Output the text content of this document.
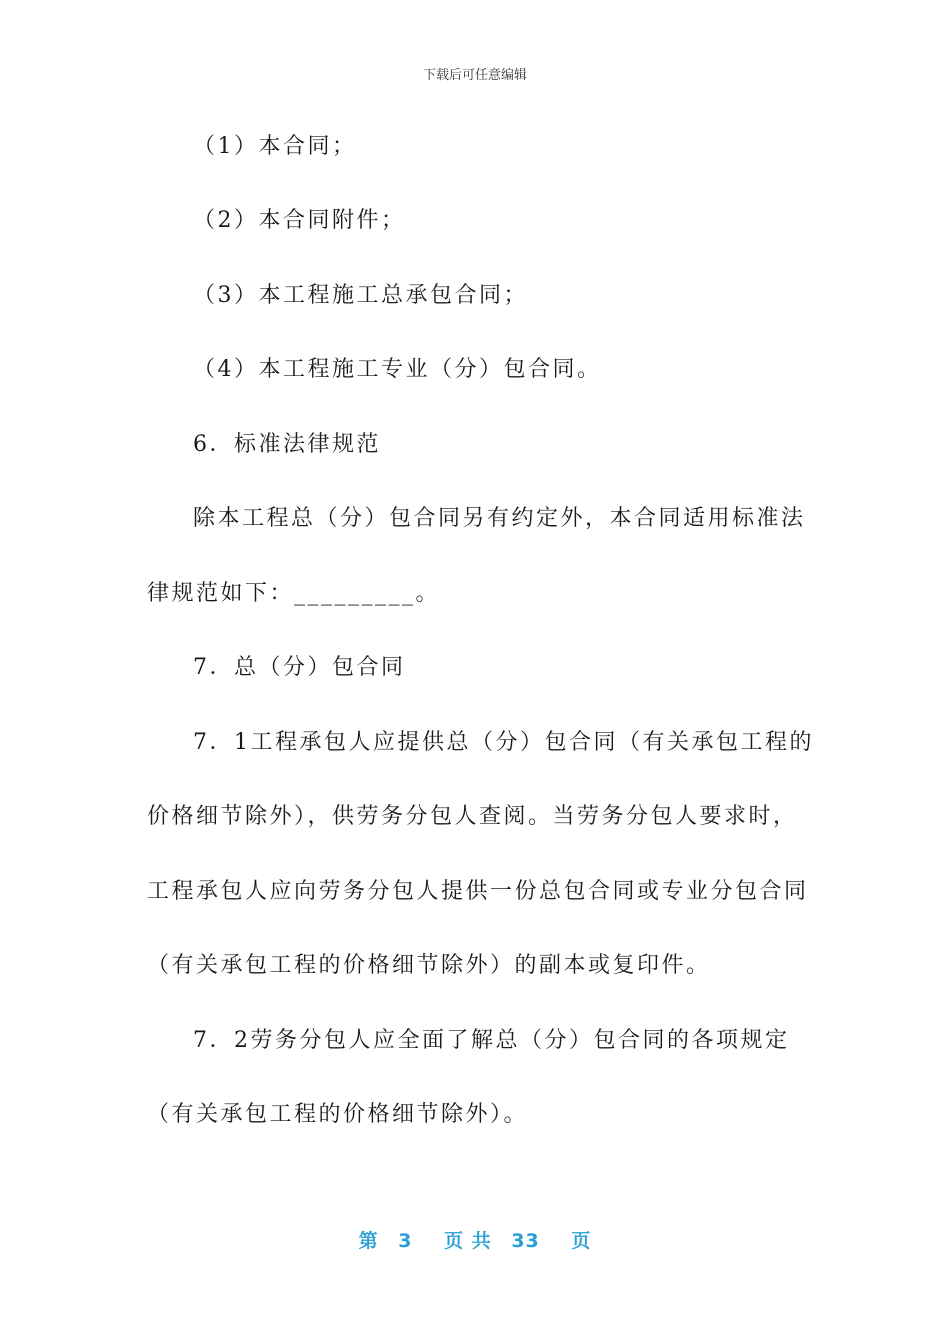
下载后可任意编辑
（1）本合同；
（2）本合同附件；
（3）本工程施工总承包合同；
（4）本工程施工专业（分）包合同。
6．标准法律规范
除本工程总（分）包合同另有约定外，本合同适用标准法
律规范如下：_________。
7．总（分）包合同
7．1工程承包人应提供总（分）包合同（有关承包工程的
价格细节除外），供劳务分包人查阅。当劳务分包人要求时，
工程承包人应向劳务分包人提供一份总包合同或专业分包合同
（有关承包工程的价格细节除外）的副本或复印件。
7．2劳务分包人应全面了解总（分）包合同的各项规定
（有关承包工程的价格细节除外）。
第 3 页 共 33 页
